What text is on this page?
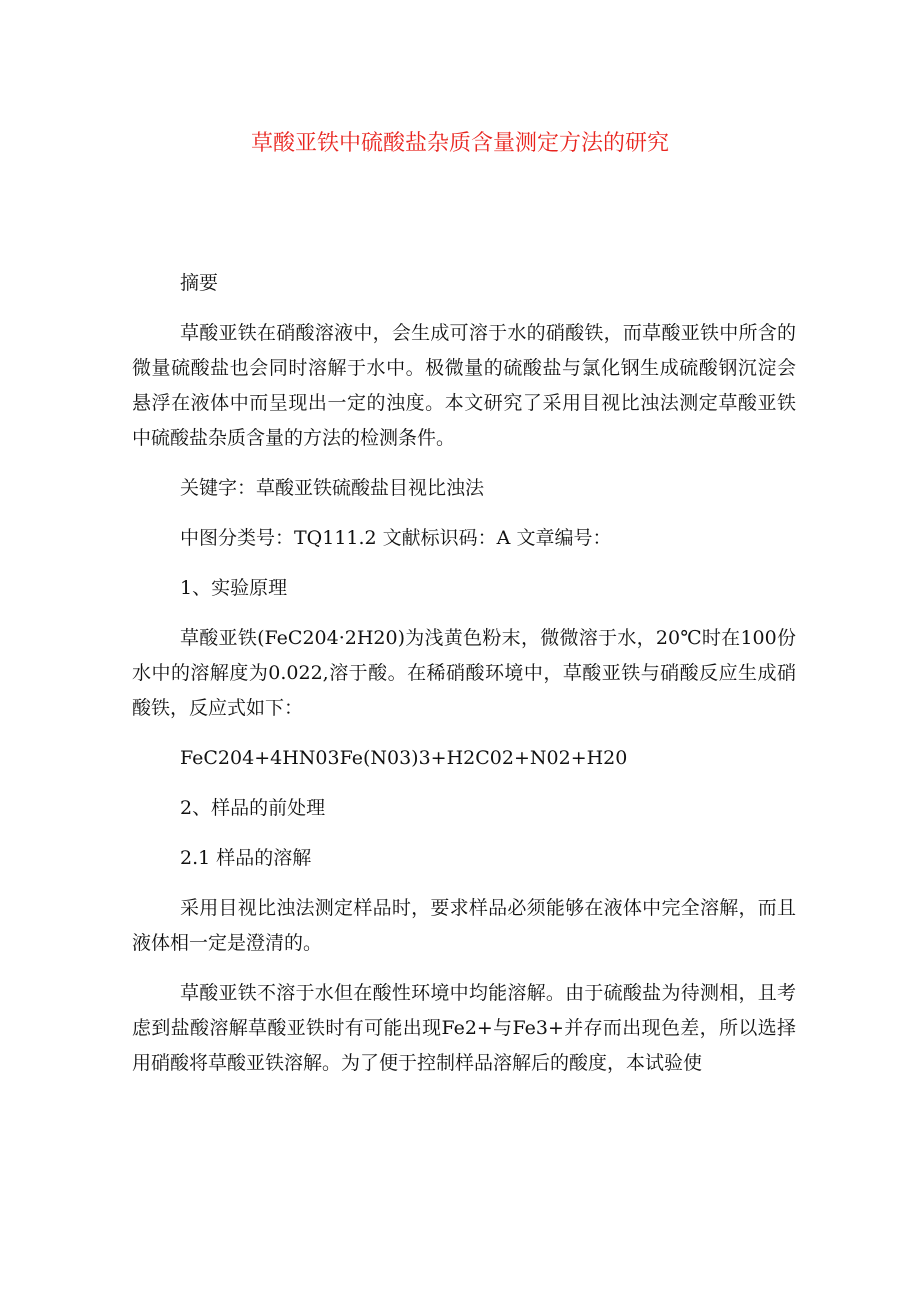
草酸亚铁中硫酸盐杂质含量测定方法的研究

摘要

草酸亚铁在硝酸溶液中，会生成可溶于水的硝酸铁，而草酸亚铁中所含的微量硫酸盐也会同时溶解于水中。极微量的硫酸盐与氯化钢生成硫酸钢沉淀会悬浮在液体中而呈现出一定的浊度。本文研究了采用目视比浊法测定草酸亚铁中硫酸盐杂质含量的方法的检测条件。

关键字：草酸亚铁硫酸盐目视比浊法

中图分类号：TQ111.2 文献标识码：A 文章编号：

1、实验原理

草酸亚铁(FeC204·2H20)为浅黄色粉末，微微溶于水，20℃时在100份水中的溶解度为0.022,溶于酸。在稀硝酸环境中，草酸亚铁与硝酸反应生成硝酸铁，反应式如下：

FeC204+4HN03Fe(N03)3+H2C02+N02+H20

2、样品的前处理

2.1 样品的溶解

采用目视比浊法测定样品时，要求样品必须能够在液体中完全溶解，而且液体相一定是澄清的。

草酸亚铁不溶于水但在酸性环境中均能溶解。由于硫酸盐为待测相，且考虑到盐酸溶解草酸亚铁时有可能出现Fe2+与Fe3+并存而出现色差，所以选择用硝酸将草酸亚铁溶解。为了便于控制样品溶解后的酸度，本试验使
